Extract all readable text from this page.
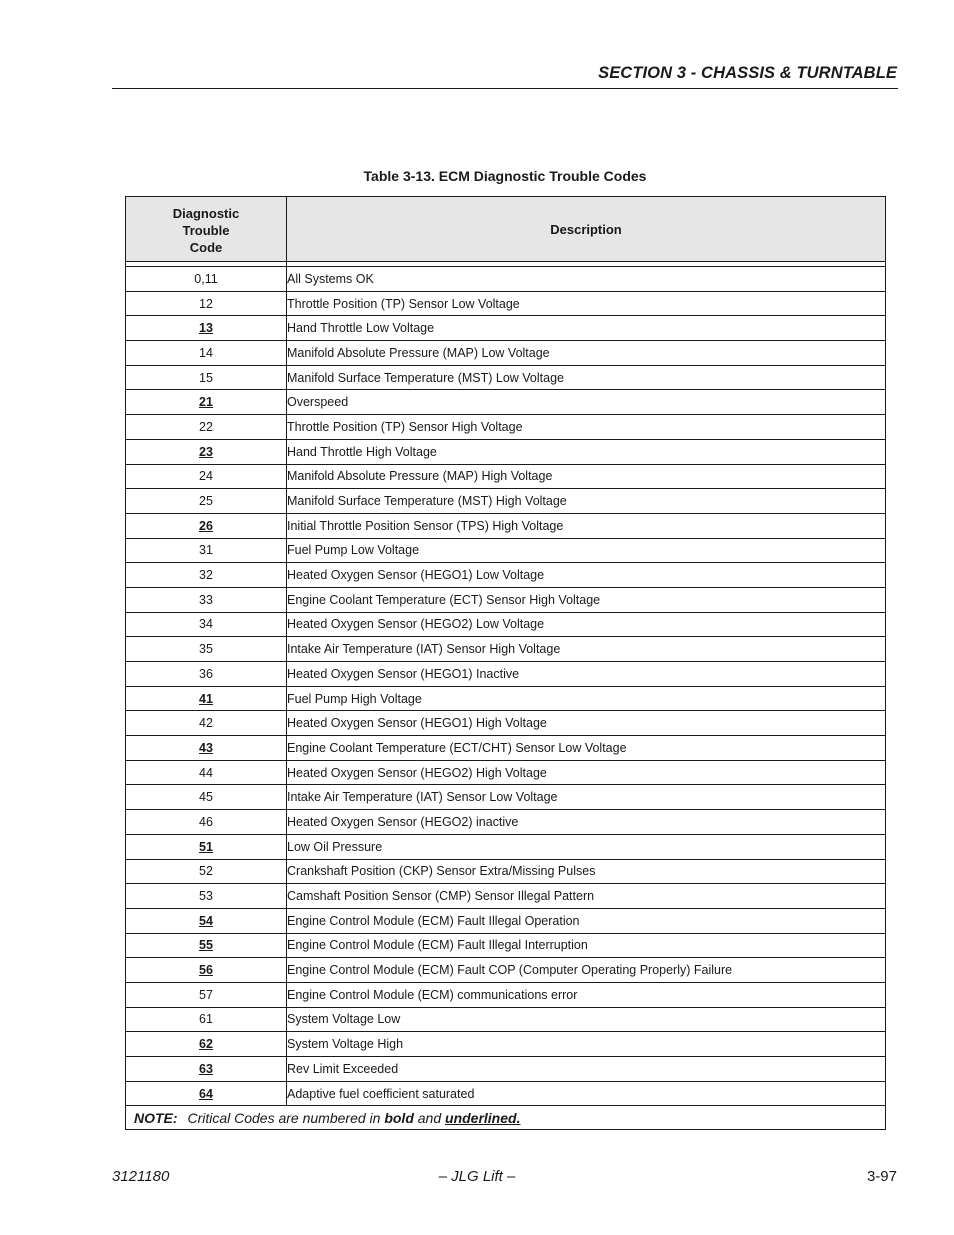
SECTION 3 - CHASSIS & TURNTABLE
Table 3-13. ECM Diagnostic Trouble Codes
Diagnostic
Trouble
Code	Description

0,11	All Systems OK
12	Throttle Position (TP) Sensor Low Voltage
13	Hand Throttle Low Voltage
14	Manifold Absolute Pressure (MAP) Low Voltage
15	Manifold Surface Temperature (MST) Low Voltage
21	Overspeed
22	Throttle Position (TP) Sensor High Voltage
23	Hand Throttle High Voltage
24	Manifold Absolute Pressure (MAP) High Voltage
25	Manifold Surface Temperature (MST) High Voltage
26	Initial Throttle Position Sensor (TPS) High Voltage
31	Fuel Pump Low Voltage
32	Heated Oxygen Sensor (HEGO1) Low Voltage
33	Engine Coolant Temperature (ECT) Sensor High Voltage
34	Heated Oxygen Sensor (HEGO2) Low Voltage
35	Intake Air Temperature (IAT) Sensor High Voltage
36	Heated Oxygen Sensor (HEGO1) Inactive
41	Fuel Pump High Voltage
42	Heated Oxygen Sensor (HEGO1) High Voltage
43	Engine Coolant Temperature (ECT/CHT) Sensor Low Voltage
44	Heated Oxygen Sensor (HEGO2) High Voltage
45	Intake Air Temperature (IAT) Sensor Low Voltage
46	Heated Oxygen Sensor (HEGO2) inactive
51	Low Oil Pressure
52	Crankshaft Position (CKP) Sensor Extra/Missing Pulses
53	Camshaft Position Sensor (CMP) Sensor Illegal Pattern
54	Engine Control Module (ECM) Fault Illegal Operation
55	Engine Control Module (ECM) Fault Illegal Interruption
56	Engine Control Module (ECM) Fault COP (Computer Operating Properly) Failure
57	Engine Control Module (ECM) communications error
61	System Voltage Low
62	System Voltage High
63	Rev Limit Exceeded
64	Adaptive fuel coefficient saturated
NOTE: Critical Codes are numbered in bold and underlined.	
3121180	– JLG Lift –	3-97
